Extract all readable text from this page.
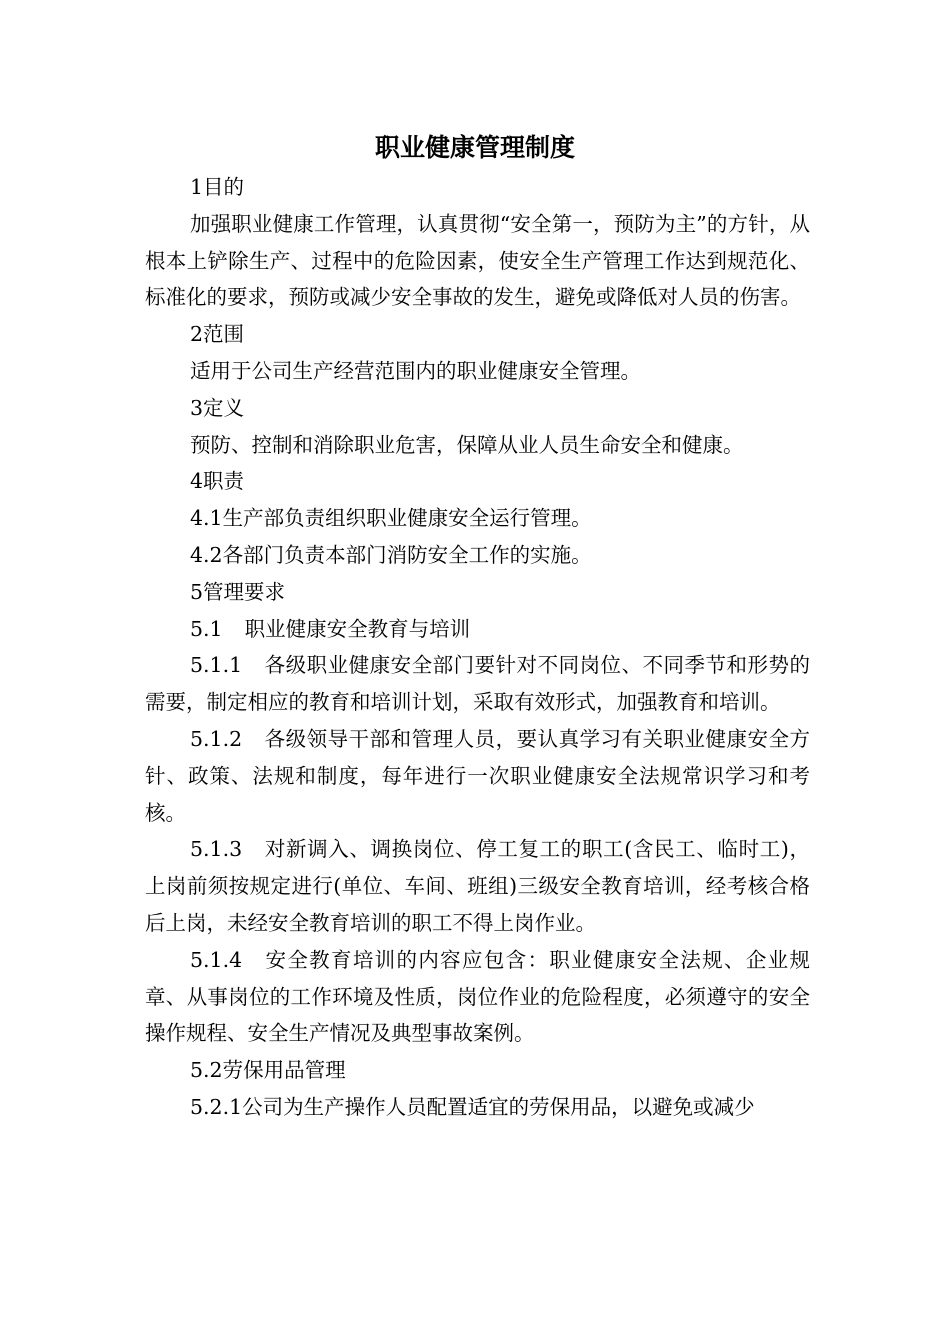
职业健康管理制度

1目的

加强职业健康工作管理，认真贯彻“安全第一，预防为主”的方针，从根本上铲除生产、过程中的危险因素，使安全生产管理工作达到规范化、标准化的要求，预防或减少安全事故的发生，避免或降低对人员的伤害。

2范围

适用于公司生产经营范围内的职业健康安全管理。

3定义

预防、控制和消除职业危害，保障从业人员生命安全和健康。

4职责

4.1生产部负责组织职业健康安全运行管理。

4.2各部门负责本部门消防安全工作的实施。

5管理要求

5.1 职业健康安全教育与培训

5.1.1 各级职业健康安全部门要针对不同岗位、不同季节和形势的需要，制定相应的教育和培训计划，采取有效形式，加强教育和培训。

5.1.2 各级领导干部和管理人员，要认真学习有关职业健康安全方针、政策、法规和制度，每年进行一次职业健康安全法规常识学习和考核。

5.1.3 对新调入、调换岗位、停工复工的职工(含民工、临时工)，上岗前须按规定进行(单位、车间、班组)三级安全教育培训，经考核合格后上岗，未经安全教育培训的职工不得上岗作业。

5.1.4 安全教育培训的内容应包含：职业健康安全法规、企业规章、从事岗位的工作环境及性质，岗位作业的危险程度，必须遵守的安全操作规程、安全生产情况及典型事故案例。

5.2劳保用品管理

5.2.1公司为生产操作人员配置适宜的劳保用品，以避免或减少
